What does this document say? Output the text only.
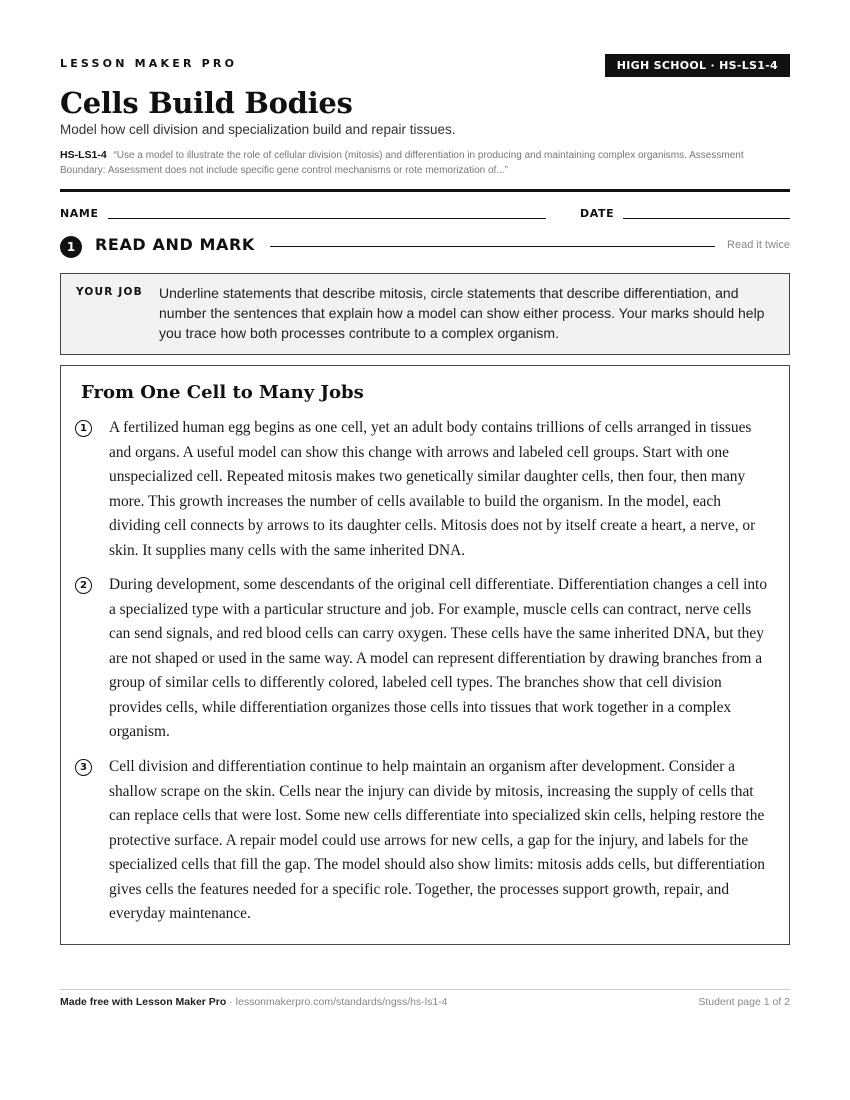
LESSON MAKER PRO	HIGH SCHOOL · HS-LS1-4
Cells Build Bodies
Model how cell division and specialization build and repair tissues.
HS-LS1-4 “Use a model to illustrate the role of cellular division (mitosis) and differentiation in producing and maintaining complex organisms. Assessment Boundary: Assessment does not include specific gene control mechanisms or rote memorization of...”
NAME	DATE
1	READ AND MARK	Read it twice
YOUR JOB Underline statements that describe mitosis, circle statements that describe differentiation, and number the sentences that explain how a model can show either process. Your marks should help you trace how both processes contribute to a complex organism.
From One Cell to Many Jobs
1	A fertilized human egg begins as one cell, yet an adult body contains trillions of cells arranged in tissues and organs. A useful model can show this change with arrows and labeled cell groups. Start with one unspecialized cell. Repeated mitosis makes two genetically similar daughter cells, then four, then many more. This growth increases the number of cells available to build the organism. In the model, each dividing cell connects by arrows to its daughter cells. Mitosis does not by itself create a heart, a nerve, or skin. It supplies many cells with the same inherited DNA.

2	During development, some descendants of the original cell differentiate. Differentiation changes a cell into a specialized type with a particular structure and job. For example, muscle cells can contract, nerve cells can send signals, and red blood cells can carry oxygen. These cells have the same inherited DNA, but they are not shaped or used in the same way. A model can represent differentiation by drawing branches from a group of similar cells to differently colored, labeled cell types. The branches show that cell division provides cells, while differentiation organizes those cells into tissues that work together in a complex organism.

3	Cell division and differentiation continue to help maintain an organism after development. Consider a shallow scrape on the skin. Cells near the injury can divide by mitosis, increasing the supply of cells that can replace cells that were lost. Some new cells differentiate into specialized skin cells, helping restore the protective surface. A repair model could use arrows for new cells, a gap for the injury, and labels for the specialized cells that fill the gap. The model should also show limits: mitosis adds cells, but differentiation gives cells the features needed for a specific role. Together, the processes support growth, repair, and everyday maintenance.

Made free with Lesson Maker Pro · lessonmakerpro.com/standards/ngss/hs-ls1-4	Student page 1 of 2
